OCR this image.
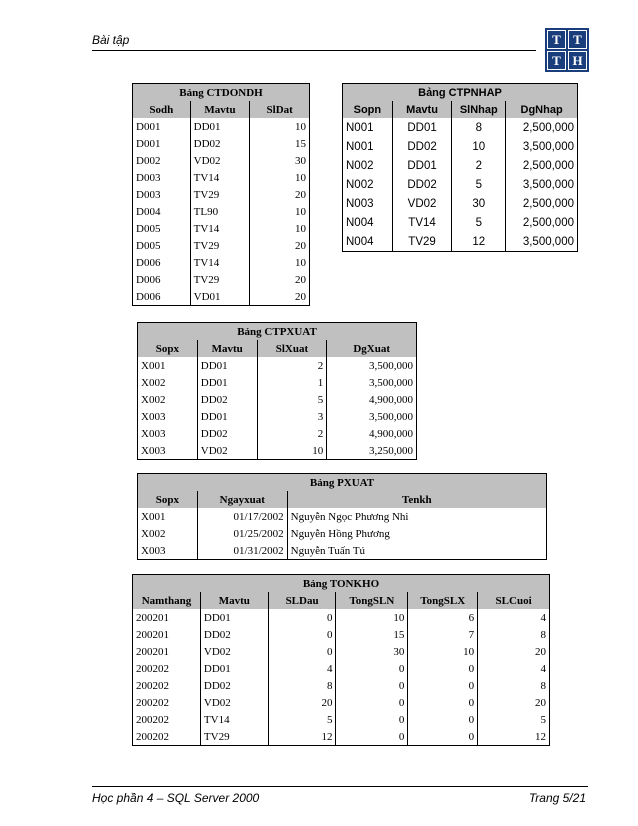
Bài tập	T T
T H
Bảng CTDONDH		
Sodh	Mavtu	SlDat
D001	DD01	10
D001	DD02	15
D002	VD02	30
D003	TV14	10
D003	TV29	20
D004	TL90	10
D005	TV14	10
D005	TV29	20
D006	TV14	10
D006	TV29	20
D006	VD01	20
Bảng CTPNHAP			
Sopn	Mavtu	SlNhap	DgNhap
N001	DD01	8	2,500,000
N001	DD02	10	3,500,000
N002	DD01	2	2,500,000
N002	DD02	5	3,500,000
N003	VD02	30	2,500,000
N004	TV14	5	2,500,000
N004	TV29	12	3,500,000
Bảng CTPXUAT			
Sopx	Mavtu	SlXuat	DgXuat
X001	DD01	2	3,500,000
X002	DD01	1	3,500,000
X002	DD02	5	4,900,000
X003	DD01	3	3,500,000
X003	DD02	2	4,900,000
X003	VD02	10	3,250,000
Bảng PXUAT		
Sopx	Ngayxuat	Tenkh
X001	01/17/2002	Nguyễn Ngọc Phương Nhi
X002	01/25/2002	Nguyễn Hồng Phương
X003	01/31/2002	Nguyễn Tuấn Tú
Bảng TONKHO					
Namthang	Mavtu	SLDau	TongSLN	TongSLX	SLCuoi
200201	DD01	0	10	6	4
200201	DD02	0	15	7	8
200201	VD02	0	30	10	20
200202	DD01	4	0	0	4
200202	DD02	8	0	0	8
200202	VD02	20	0	0	20
200202	TV14	5	0	0	5
200202	TV29	12	0	0	12
Học phần 4 – SQL Server 2000	Trang 5/21
